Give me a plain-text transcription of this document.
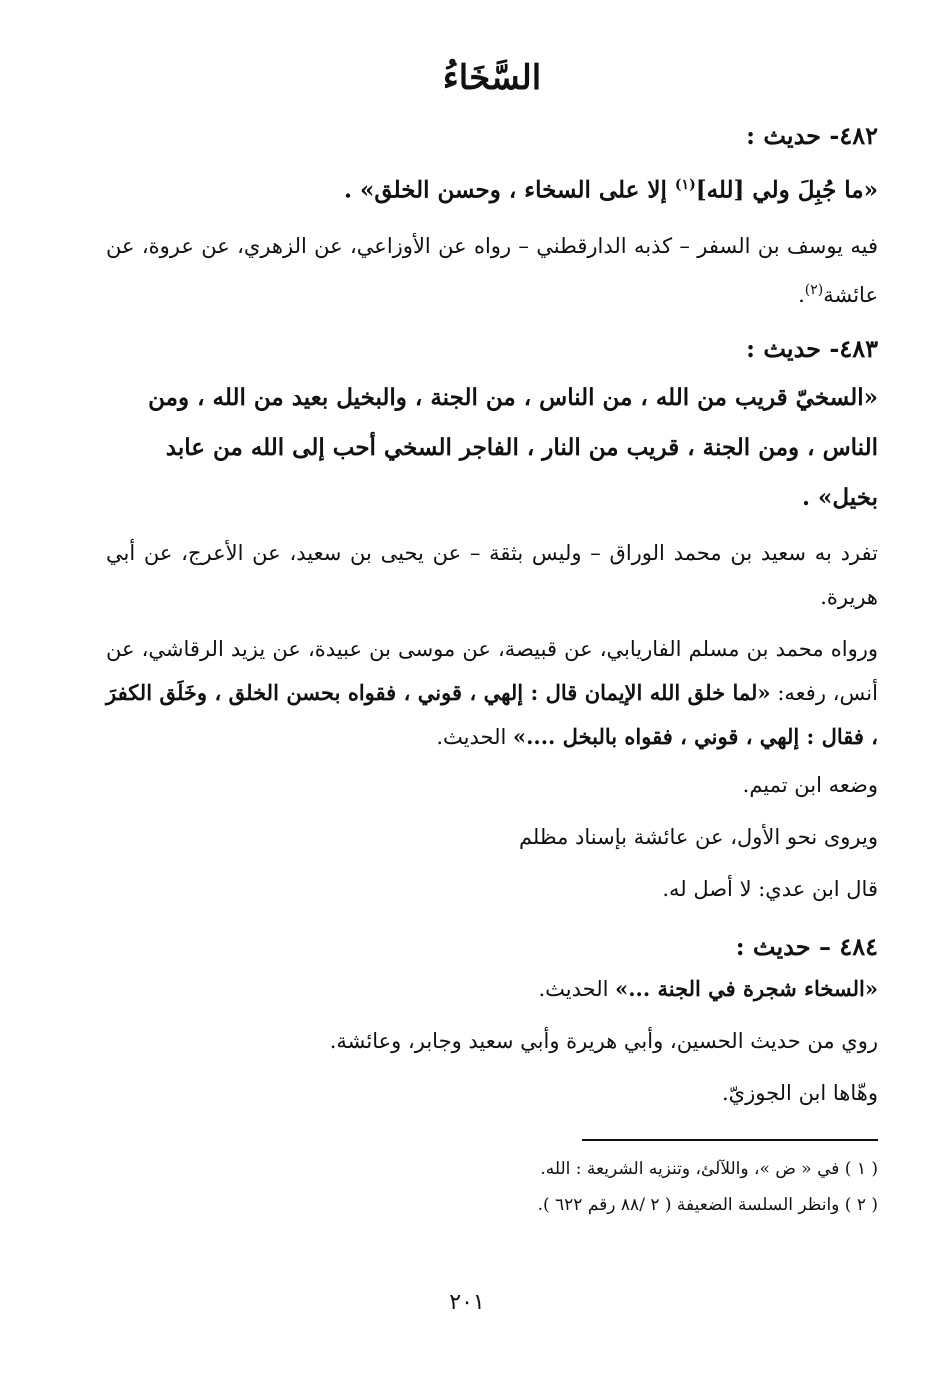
السَّخَاءُ
٤٨٢- حديث :
«ما جُبِلَ ولي [لله]$^{(١)}$ إلا على السخاء ، وحسن الخلق» .
فيه يوسف بن السفر – كذبه الدارقطني – رواه عن الأوزاعي، عن الزهري، عن عروة، عن عائشة$^{(٢)}$.
٤٨٣- حديث :
«السخيّ قريب من الله ، من الناس ، من الجنة ، والبخيل بعيد من الله ، ومن الناس ، ومن الجنة ، قريب من النار ، الفاجر السخي أحب إلى الله من عابد بخيل» .
تفرد به سعيد بن محمد الوراق – وليس بثقة – عن يحيى بن سعيد، عن الأعرج، عن أبي هريرة.
ورواه محمد بن مسلم الفاريابي، عن قبيصة، عن موسى بن عبيدة، عن يزيد الرقاشي، عن أنس، رفعه: «لما خلق الله الإيمان قال : إلهي ، قوني ، فقواه بحسن الخلق ، وخَلَق الكفرَ ، فقال : إلهي ، قوني ، فقواه بالبخل ....» الحديث.
وضعه ابن تميم.
ويروى نحو الأول، عن عائشة بإسناد مظلم
قال ابن عدي: لا أصل له.
٤٨٤ – حديث :
«السخاء شجرة في الجنة ...» الحديث.
روي من حديث الحسين، وأبي هريرة وأبي سعيد وجابر، وعائشة.
وهّاها ابن الجوزيّ.
( ١ ) في « ض »، واللآلئ، وتنزيه الشريعة : الله.
( ٢ ) وانظر السلسة الضعيفة ( ٢ /٨٨ رقم ٦٢٢ ).
٢٠١
